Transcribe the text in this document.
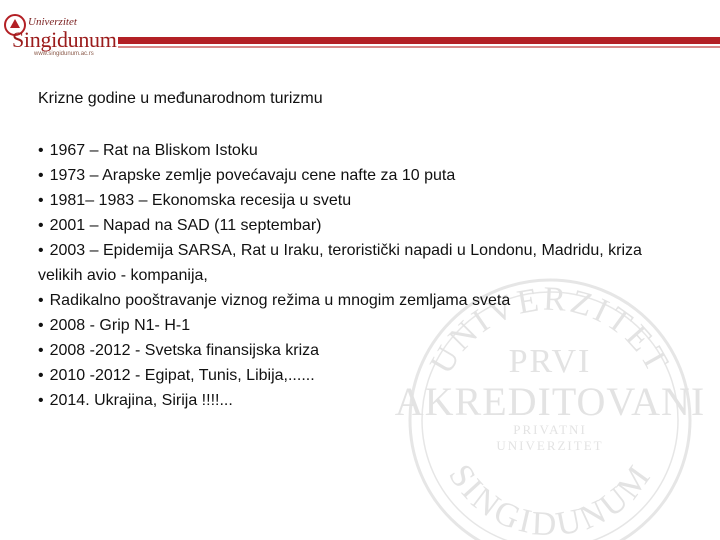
Univerzitet
Singidunum
www.singidunum.ac.rs
UNIVERZITET
PRVI
AKREDITOVANI
PRIVATNI
UNIVERZITET
SINGIDUNUM
Krizne godine u međunarodnom turizmu
• 1967 – Rat na Bliskom Istoku
• 1973 – Arapske zemlje povećavaju cene nafte za 10 puta
• 1981– 1983 – Ekonomska recesija u svetu
• 2001 – Napad na SAD (11 septembar)
• 2003 – Epidemija SARSA, Rat u Iraku, teroristički napadi u Londonu, Madridu, kriza velikih avio - kompanija,
• Radikalno pooštravanje viznog režima u mnogim zemljama sveta
• 2008 - Grip N1- H-1
• 2008 -2012 - Svetska finansijska kriza
• 2010 -2012 - Egipat, Tunis, Libija,......
• 2014. Ukrajina, Sirija !!!!...
